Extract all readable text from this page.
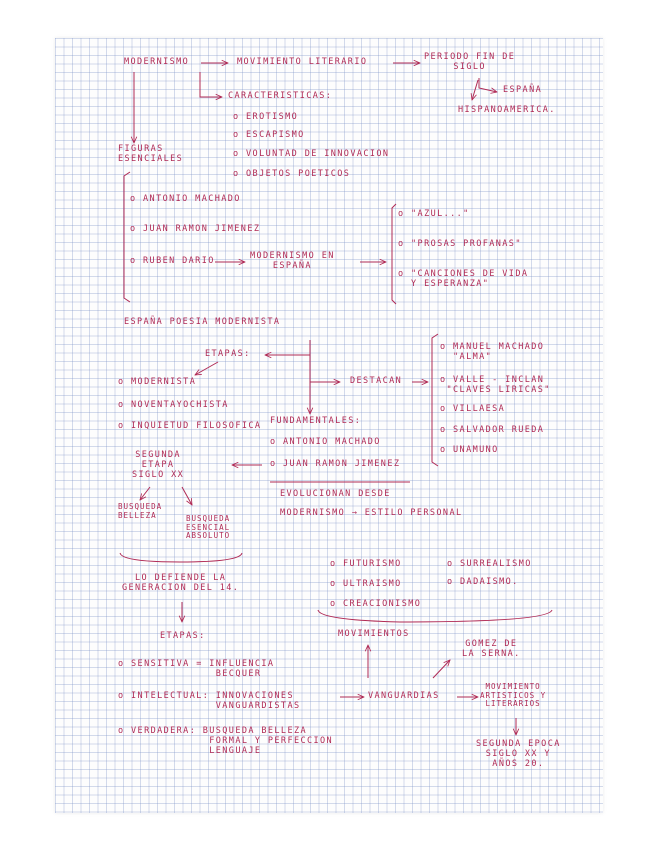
MODERNISMO	MOVIMIENTO LITERARIO	PERIODO FIN DE
SIGLO
ESPAÑA
HISPANOAMERICA.
CARACTERISTICAS:
o EROTISMO
o ESCAPISMO
o VOLUNTAD DE INNOVACION
o OBJETOS POETICOS
FIGURAS
ESENCIALES
o ANTONIO MACHADO
o JUAN RAMON JIMENEZ
o RUBEN DARIO	MODERNISMO EN
ESPAÑA
o "AZUL..."
o "PROSAS PROFANAS"
o "CANCIONES DE VIDA
Y ESPERANZA"
ESPAÑA POESIA MODERNISTA
ETAPAS:
o MODERNISTA
o NOVENTAYOCHISTA
o INQUIETUD FILOSOFICA
DESTACAN
o MANUEL MACHADO
"ALMA"
o VALLE - INCLAN
"CLAVES LIRICAS"
o VILLAESA
o SALVADOR RUEDA
o UNAMUNO
FUNDAMENTALES:
o ANTONIO MACHADO
o JUAN RAMON JIMENEZ
SEGUNDA
ETAPA
SIGLO XX
BUSQUEDA
BELLEZA	BUSQUEDA
ESENCIAL
ABSOLUTO
EVOLUCIONAN DESDE
MODERNISMO → ESTILO PERSONAL
LO DEFIENDE LA
GENERACION DEL 14.
ETAPAS:
o SENSITIVA = INFLUENCIA
BECQUER
o INTELECTUAL: INNOVACIONES
VANGUARDISTAS
o VERDADERA: BUSQUEDA BELLEZA
FORMAL Y PERFECCION
LENGUAJE
o FUTURISMO
o ULTRAISMO
o CREACIONISMO
o SURREALISMO
o DADAISMO.
MOVIMIENTOS
GOMEZ DE
LA SERNA.
VANGUARDIAS
MOVIMIENTO
ARTISTICOS Y
LITERARIOS
SEGUNDA EPOCA
SIGLO XX Y
AÑOS 20.
